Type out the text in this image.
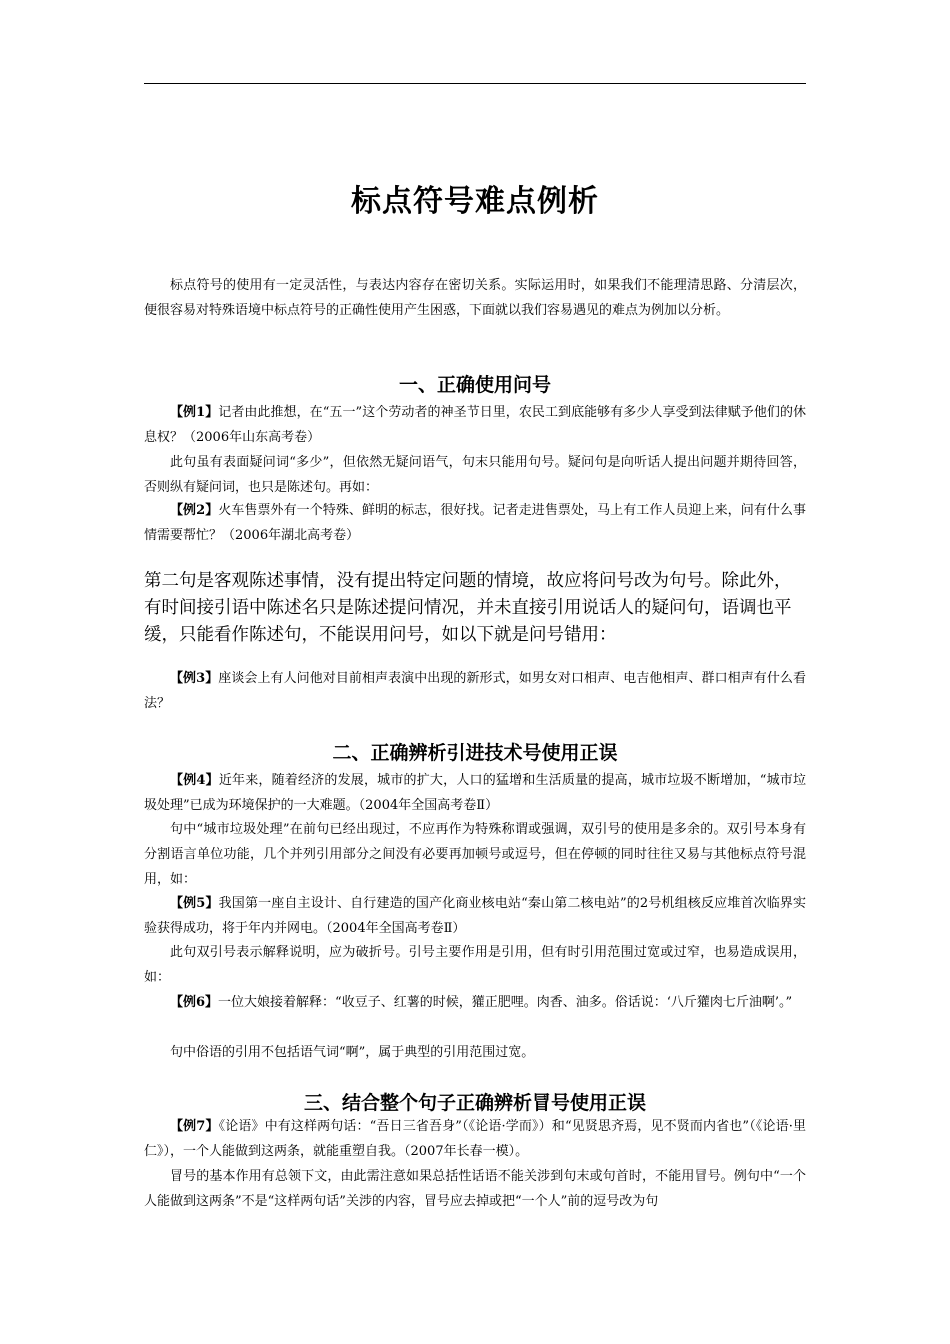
标点符号难点例析

标点符号的使用有一定灵活性，与表达内容存在密切关系。实际运用时，如果我们不能理清思路、分清层次，便很容易对特殊语境中标点符号的正确性使用产生困惑，下面就以我们容易遇见的难点为例加以分析。

一、正确使用问号

【例1】记者由此推想，在“五一”这个劳动者的神圣节日里，农民工到底能够有多少人享受到法律赋予他们的休息权？（2006年山东高考卷）

此句虽有表面疑问词“多少”，但依然无疑问语气，句末只能用句号。疑问句是向听话人提出问题并期待回答，否则纵有疑问词，也只是陈述句。再如：

【例2】火车售票外有一个特殊、鲜明的标志，很好找。记者走进售票处，马上有工作人员迎上来，问有什么事情需要帮忙？（2006年湖北高考卷）

第二句是客观陈述事情，没有提出特定问题的情境，故应将问号改为句号。除此外，有时间接引语中陈述名只是陈述提问情况，并未直接引用说话人的疑问句，语调也平缓，只能看作陈述句，不能误用问号，如以下就是问号错用：

【例3】座谈会上有人问他对目前相声表演中出现的新形式，如男女对口相声、电吉他相声、群口相声有什么看法？

二、正确辨析引进技术号使用正误

【例4】近年来，随着经济的发展，城市的扩大，人口的猛增和生活质量的提高，城市垃圾不断增加，“城市垃圾处理”已成为环境保护的一大难题。（2004年全国高考卷Ⅱ）

句中“城市垃圾处理”在前句已经出现过，不应再作为特殊称谓或强调，双引号的使用是多余的。双引号本身有分割语言单位功能，几个并列引用部分之间没有必要再加顿号或逗号，但在停顿的同时往往又易与其他标点符号混用，如：

【例5】我国第一座自主设计、自行建造的国产化商业核电站“秦山第二核电站”的2号机组核反应堆首次临界实验获得成功，将于年内并网电。（2004年全国高考卷Ⅱ）

此句双引号表示解释说明，应为破折号。引号主要作用是引用，但有时引用范围过宽或过窄，也易造成误用，如：

【例6】一位大娘接着解释：“收豆子、红薯的时候，獾正肥哩。肉香、油多。俗话说：‘八斤獾肉七斤油啊’。”

句中俗语的引用不包括语气词“啊”，属于典型的引用范围过宽。

三、结合整个句子正确辨析冒号使用正误

【例7】《论语》中有这样两句话：“吾日三省吾身”（《论语·学而》）和“见贤思齐焉，见不贤而内省也”（《论语·里仁》），一个人能做到这两条，就能重塑自我。（2007年长春一模）。

冒号的基本作用有总领下文，由此需注意如果总括性话语不能关涉到句末或句首时，不能用冒号。例句中“一个人能做到这两条”不是“这样两句话”关涉的内容，冒号应去掉或把“一个人”前的逗号改为句
